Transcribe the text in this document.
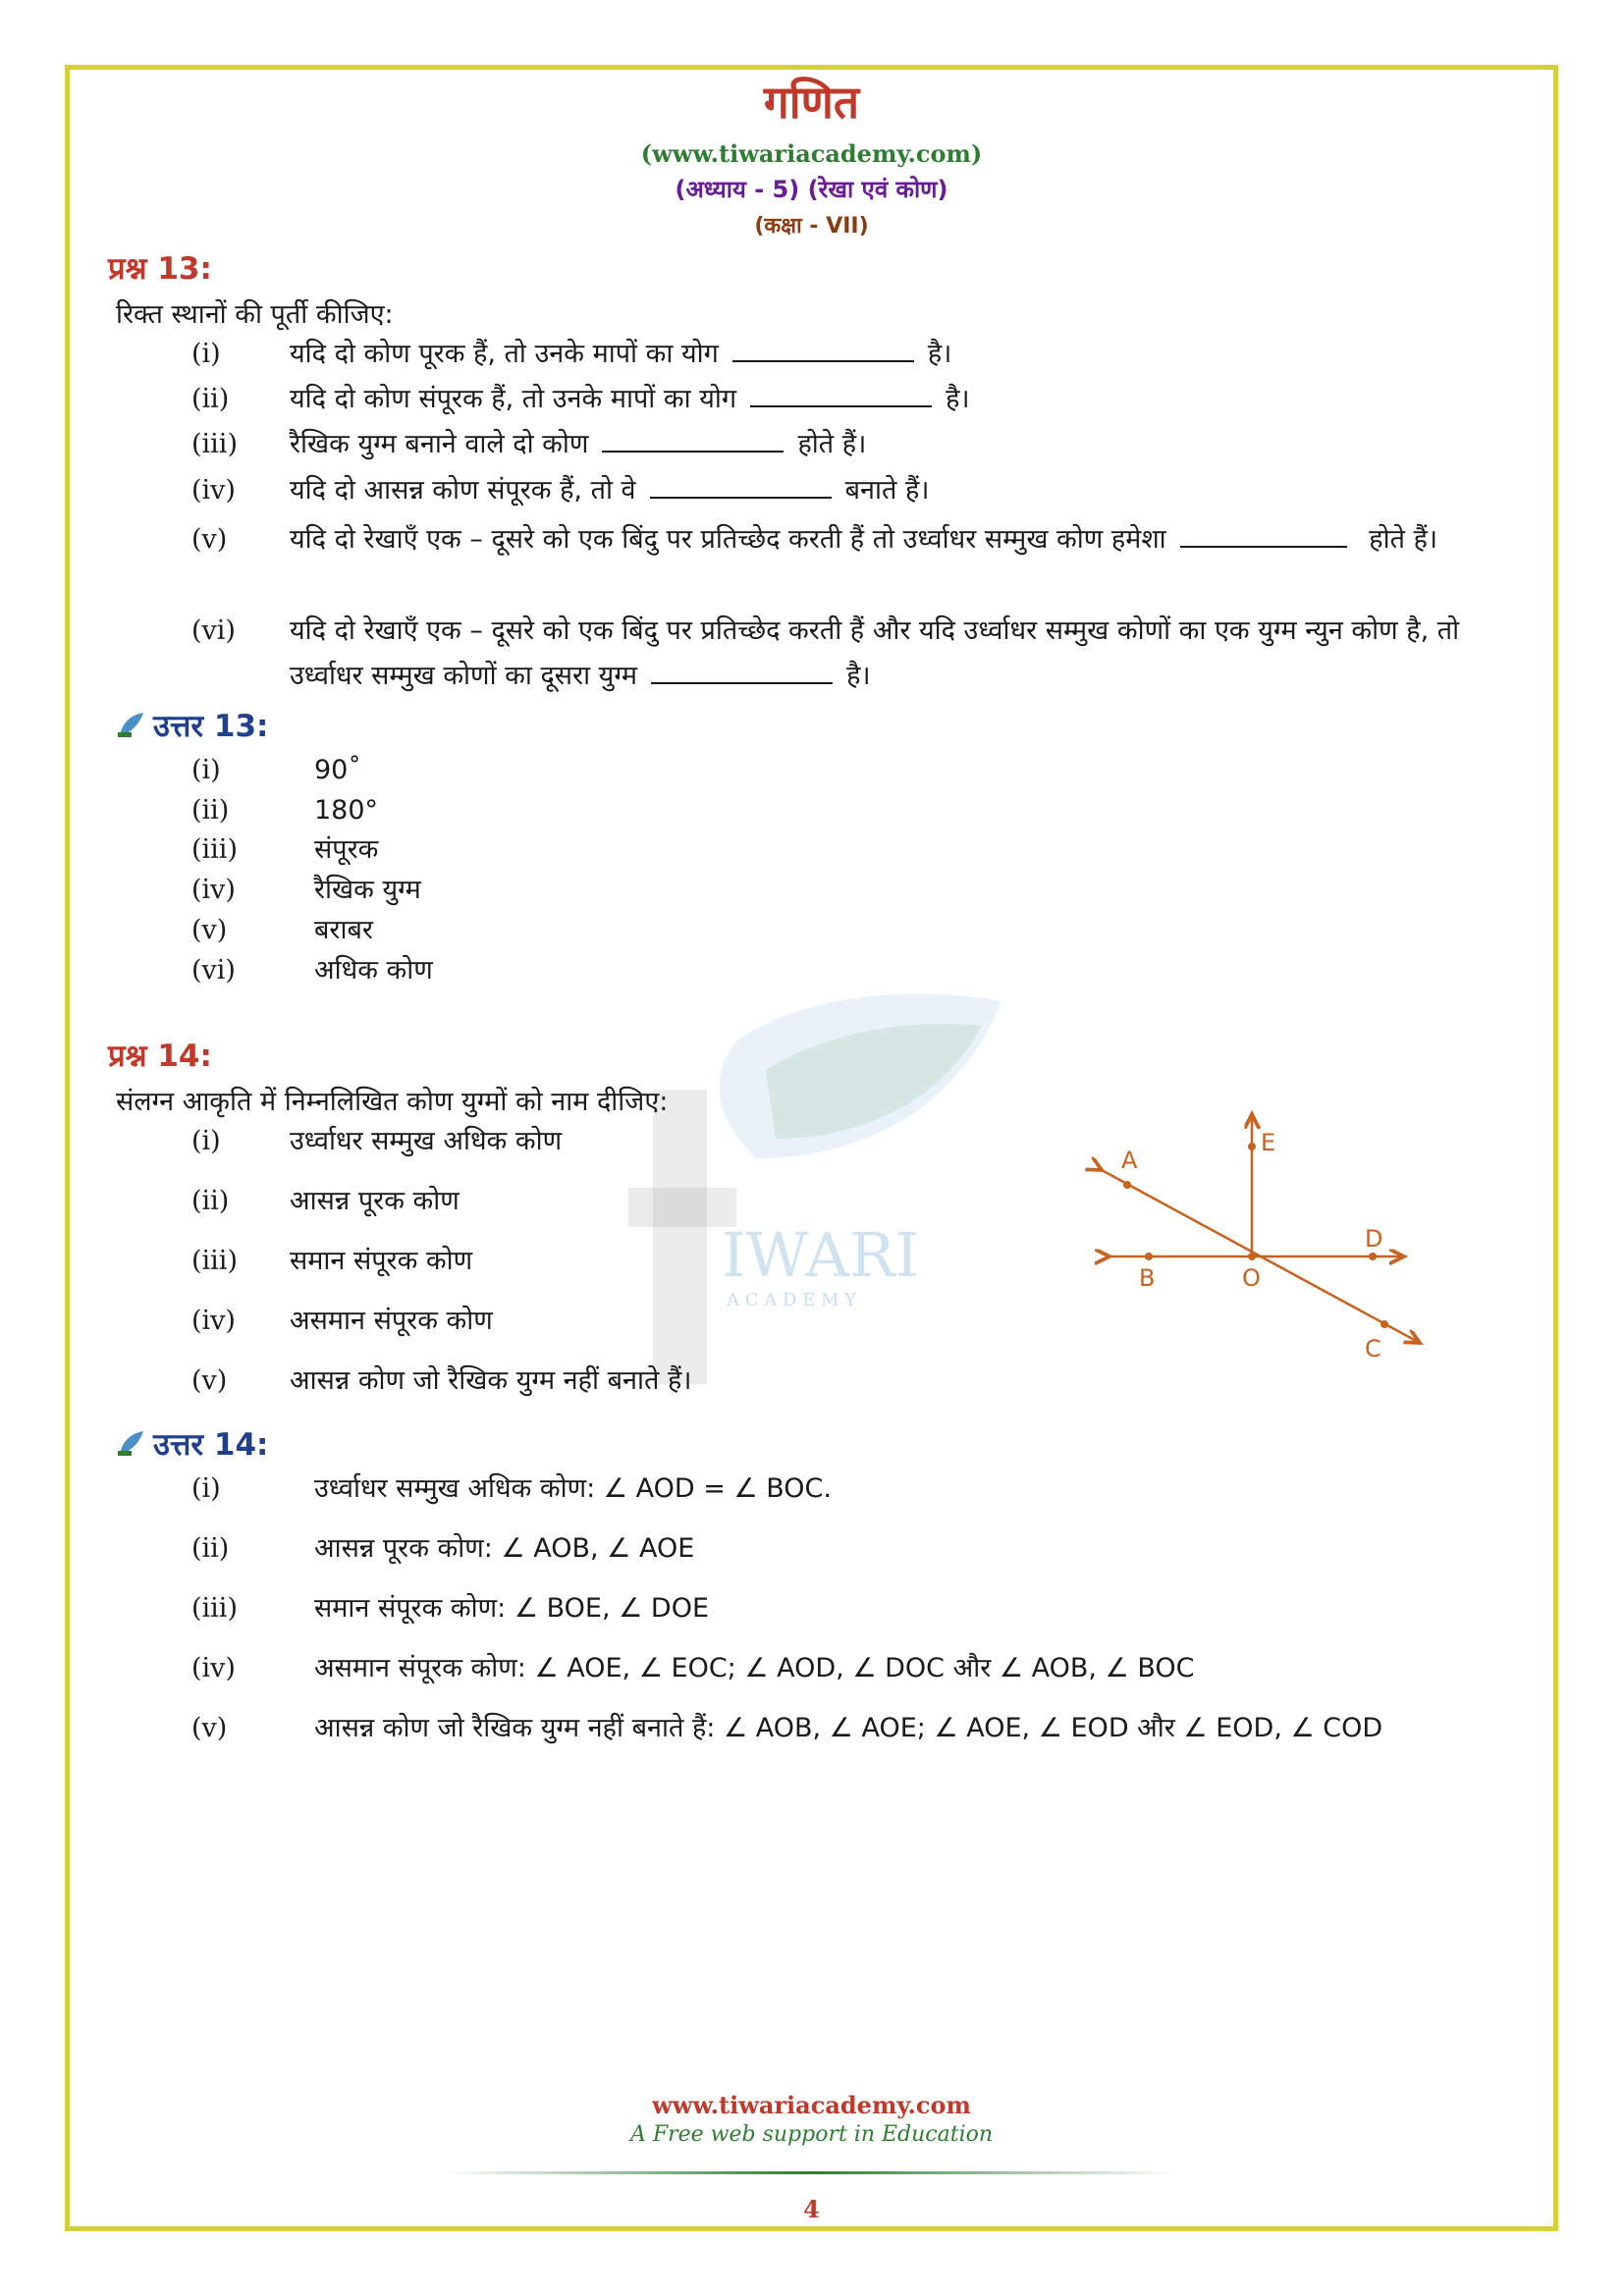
IWARI
A C A D E M Y
गणित
(www.tiwariacademy.com)
(अध्याय - 5) (रेखा एवं कोण)
(कक्षा - VII)
प्रश्न 13:
रिक्त स्थानों की पूर्ती कीजिए:
(i)	यदि दो कोण पूरक हैं, तो उनके मापों का योग	है।
(ii) यदि दो कोण संपूरक हैं, तो उनके मापों का योग	है।
(iii) रैखिक युग्म बनाने वाले दो कोण	होते हैं।
(iv) यदि दो आसन्न कोण संपूरक हैं, तो वे	बनाते हैं।
(v) यदि दो रेखाएँ एक – दूसरे को एक बिंदु पर प्रतिच्छेद करती हैं तो उर्ध्वाधर सम्मुख कोण हमेशा	होते हैं।
(vi) यदि दो रेखाएँ एक – दूसरे को एक बिंदु पर प्रतिच्छेद करती हैं और यदि उर्ध्वाधर सम्मुख कोणों का एक युग्म न्युन कोण है, तो उर्ध्वाधर सम्मुख कोणों का दूसरा युग्म	है।
उत्तर 13:
(i)	90˚
(ii)	180°
(iii)	संपूरक
(iv)	रैखिक युग्म
(v)	बराबर
(vi)	अधिक कोण
प्रश्न 14:
संलग्न आकृति में निम्नलिखित कोण युग्मों को नाम दीजिए:
(i)	उर्ध्वाधर सम्मुख अधिक कोण
(ii) आसन्न पूरक कोण
(iii) समान संपूरक कोण
(iv) असमान संपूरक कोण
(v) आसन्न कोण जो रैखिक युग्म नहीं बनाते हैं।
A
E
D
B	O
C
उत्तर 14:
(i)	उर्ध्वाधर सम्मुख अधिक कोण: ∠ AOD = ∠ BOC.
(ii)	आसन्न पूरक कोण: ∠ AOB, ∠ AOE
(iii)	समान संपूरक कोण: ∠ BOE, ∠ DOE
(iv)	असमान संपूरक कोण: ∠ AOE, ∠ EOC; ∠ AOD, ∠ DOC और ∠ AOB, ∠ BOC
(v)	आसन्न कोण जो रैखिक युग्म नहीं बनाते हैं: ∠ AOB, ∠ AOE; ∠ AOE, ∠ EOD और ∠ EOD, ∠ COD
www.tiwariacademy.com
A Free web support in Education
4
